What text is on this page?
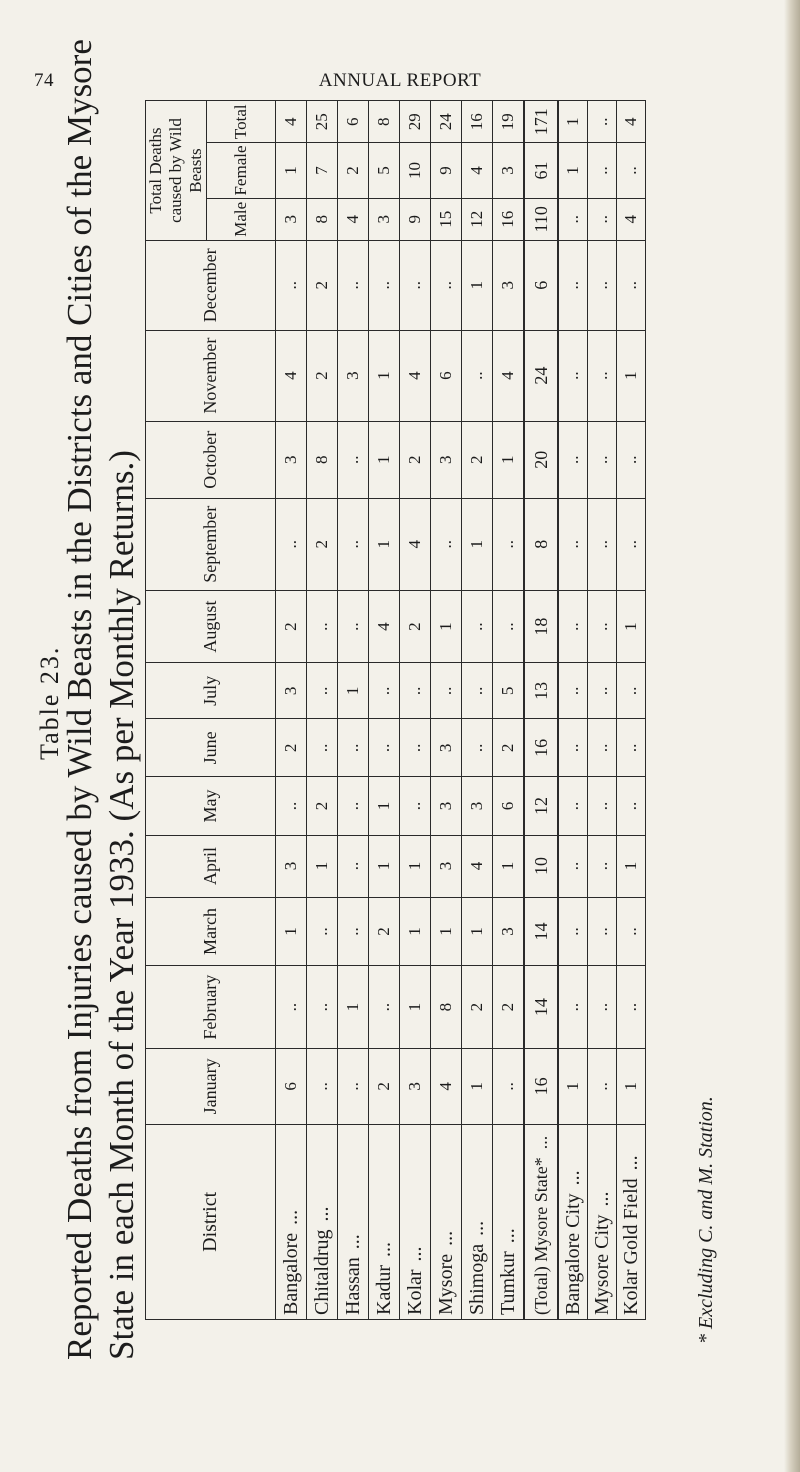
74	ANNUAL REPORT
Table 23.
Reported Deaths from Injuries caused by Wild Beasts in the Districts and Cities of the Mysore State in each Month of the Year 1933. (As per Monthly Returns.)	District	January	February	March	April	May	June	July	August	September	October	November	December	Total Deaths caused by Wild Beasts		
													Male	Female	Total
Bangalore...	6	..	1	3	..	2	3	2	..	3	4	..	3	1	4
Chitaldrug...	..	..	..	1	2	..	..	..	2	8	2	2	8	7	25
Hassan...	..	1	..	..	..	..	1	..	..	..	3	..	4	2	6
Kadur...	2	..	2	1	1	..	..	4	1	1	1	..	3	5	8
Kolar...	3	1	1	1	..	..	..	2	4	2	4	..	9	10	29
Mysore...	4	8	1	3	3	3	..	1	..	3	6	..	15	9	24
Shimoga...	1	2	1	4	3	..	..	..	1	2	..	1	12	4	16
Tumkur...	..	2	3	1	6	2	5	..	..	1	4	3	16	3	19
(Total) Mysore State*...	16	14	14	10	12	16	13	18	8	20	24	6	110	61	171
Bangalore City...	1	..	..	..	..	..	..	..	..	..	..	..	..	1	1
Mysore City...	..	..	..	..	..	..	..	..	..	..	..	..	..	..	..
Kolar Gold Field...	1	..	..	1	..	..	..	1	..	..	1	..	4	..	4
* Excluding C. and M. Station.
